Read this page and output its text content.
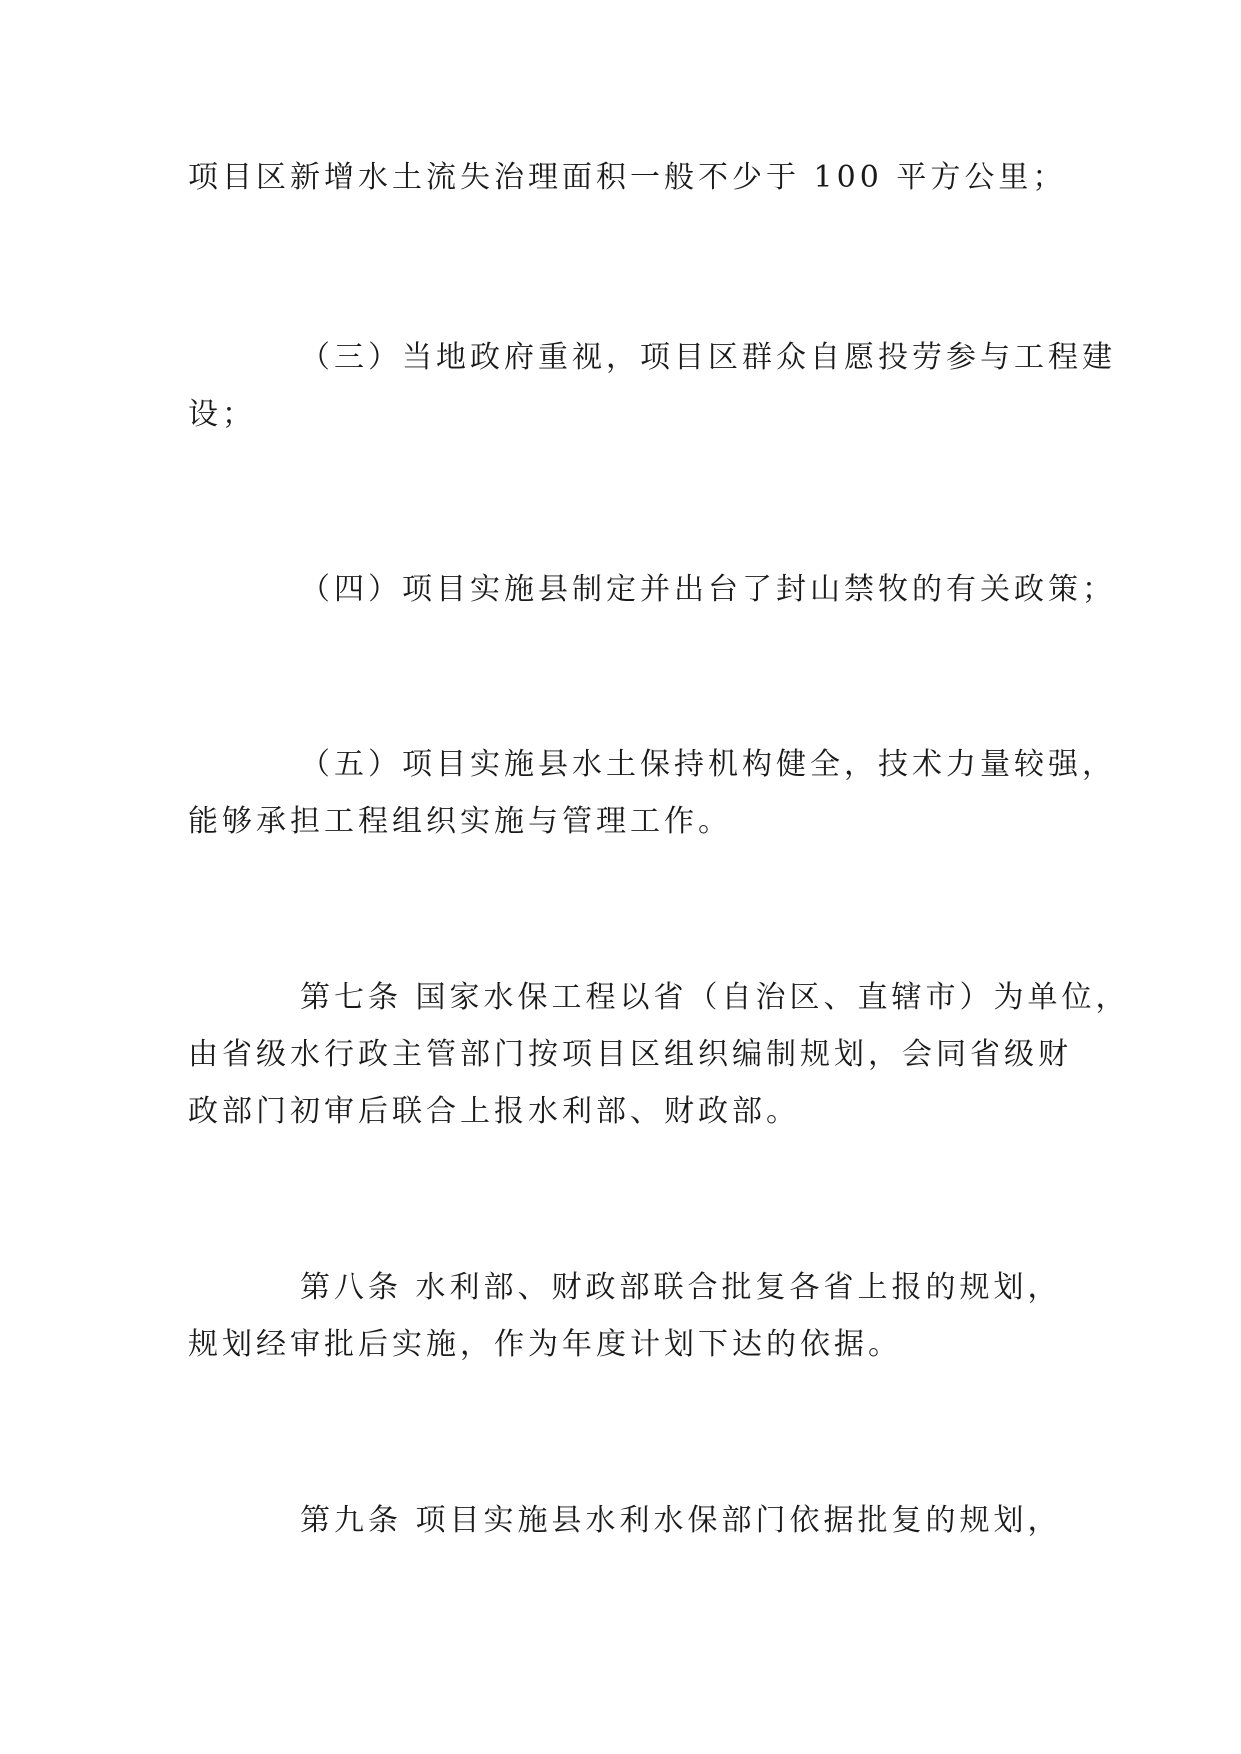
项目区新增水土流失治理面积一般不少于 100 平方公里；
（三）当地政府重视，项目区群众自愿投劳参与工程建
设；
（四）项目实施县制定并出台了封山禁牧的有关政策；
（五）项目实施县水土保持机构健全，技术力量较强，
能够承担工程组织实施与管理工作。
第七条 国家水保工程以省（自治区、直辖市）为单位，
由省级水行政主管部门按项目区组织编制规划，会同省级财
政部门初审后联合上报水利部、财政部。
第八条 水利部、财政部联合批复各省上报的规划，
规划经审批后实施，作为年度计划下达的依据。
第九条 项目实施县水利水保部门依据批复的规划，
